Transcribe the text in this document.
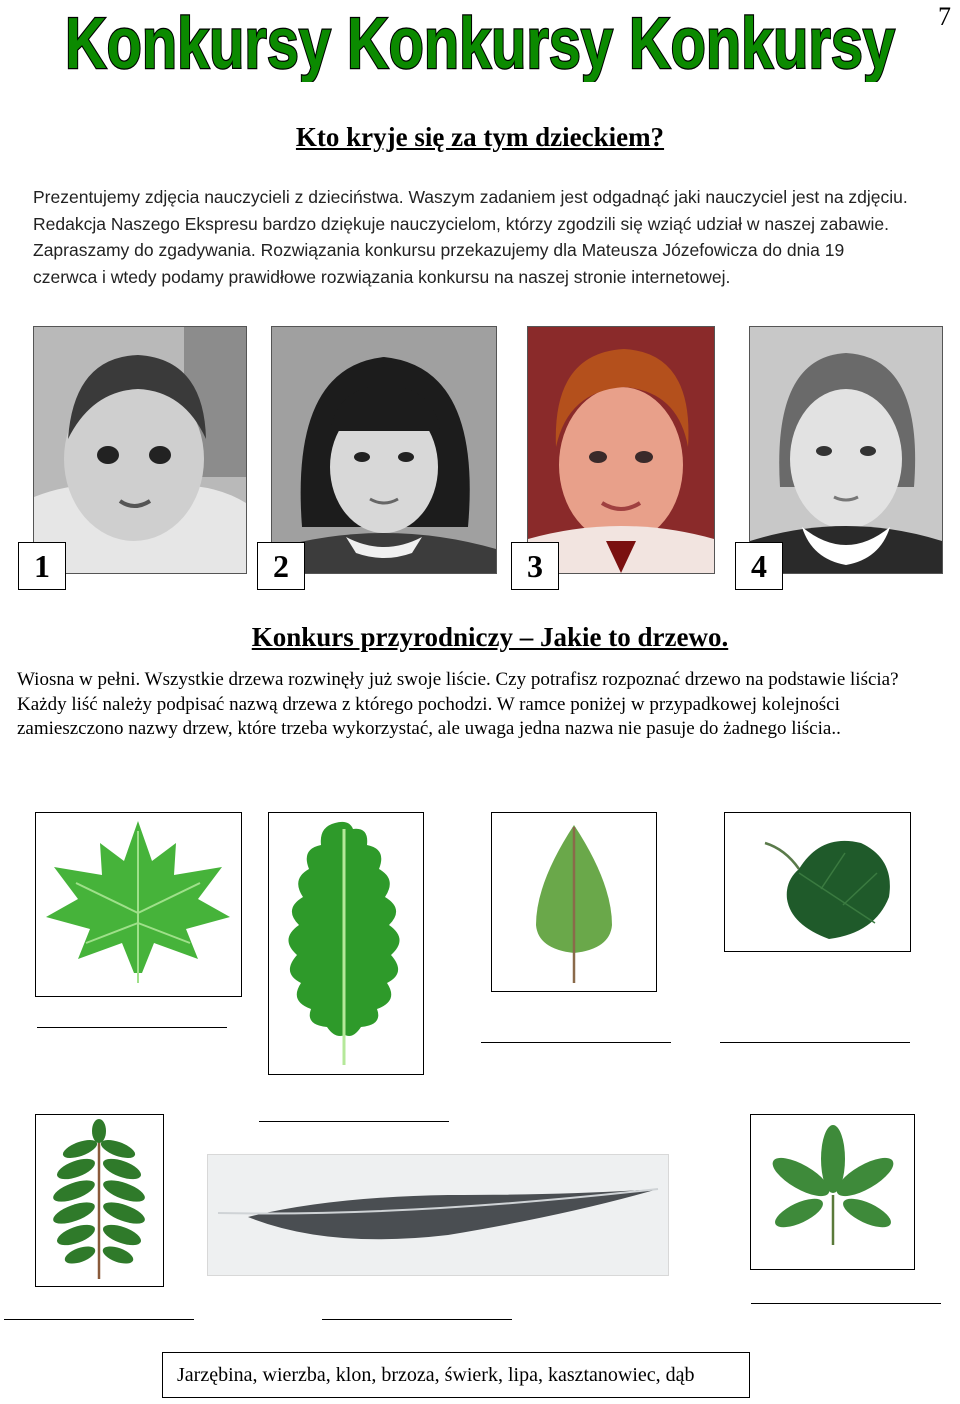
7
Konkursy Konkursy Konkursy
Kto kryje się za tym dzieckiem?
Prezentujemy zdjęcia nauczycieli z dzieciństwa. Waszym zadaniem jest odgadnąć jaki nauczyciel jest na zdjęciu. Redakcja Naszego Ekspresu bardzo dziękuje nauczycielom, którzy zgodzili się wziąć udział w naszej zabawie. Zapraszamy do zgadywania. Rozwiązania konkursu przekazujemy dla Mateusza Józefowicza do dnia 19 czerwca i wtedy podamy prawidłowe rozwiązania konkursu na naszej stronie internetowej.
1	2	3	4
Konkurs przyrodniczy – Jakie to drzewo.
Wiosna w pełni. Wszystkie drzewa rozwinęły już swoje liście. Czy potrafisz rozpoznać drzewo na podstawie liścia? Każdy liść należy podpisać nazwą drzewa z którego pochodzi. W ramce poniżej w przypadkowej kolejności zamieszczono nazwy drzew, które trzeba wykorzystać, ale uwaga jedna nazwa nie pasuje do żadnego liścia..
Jarzębina, wierzba, klon, brzoza, świerk, lipa, kasztanowiec, dąb
